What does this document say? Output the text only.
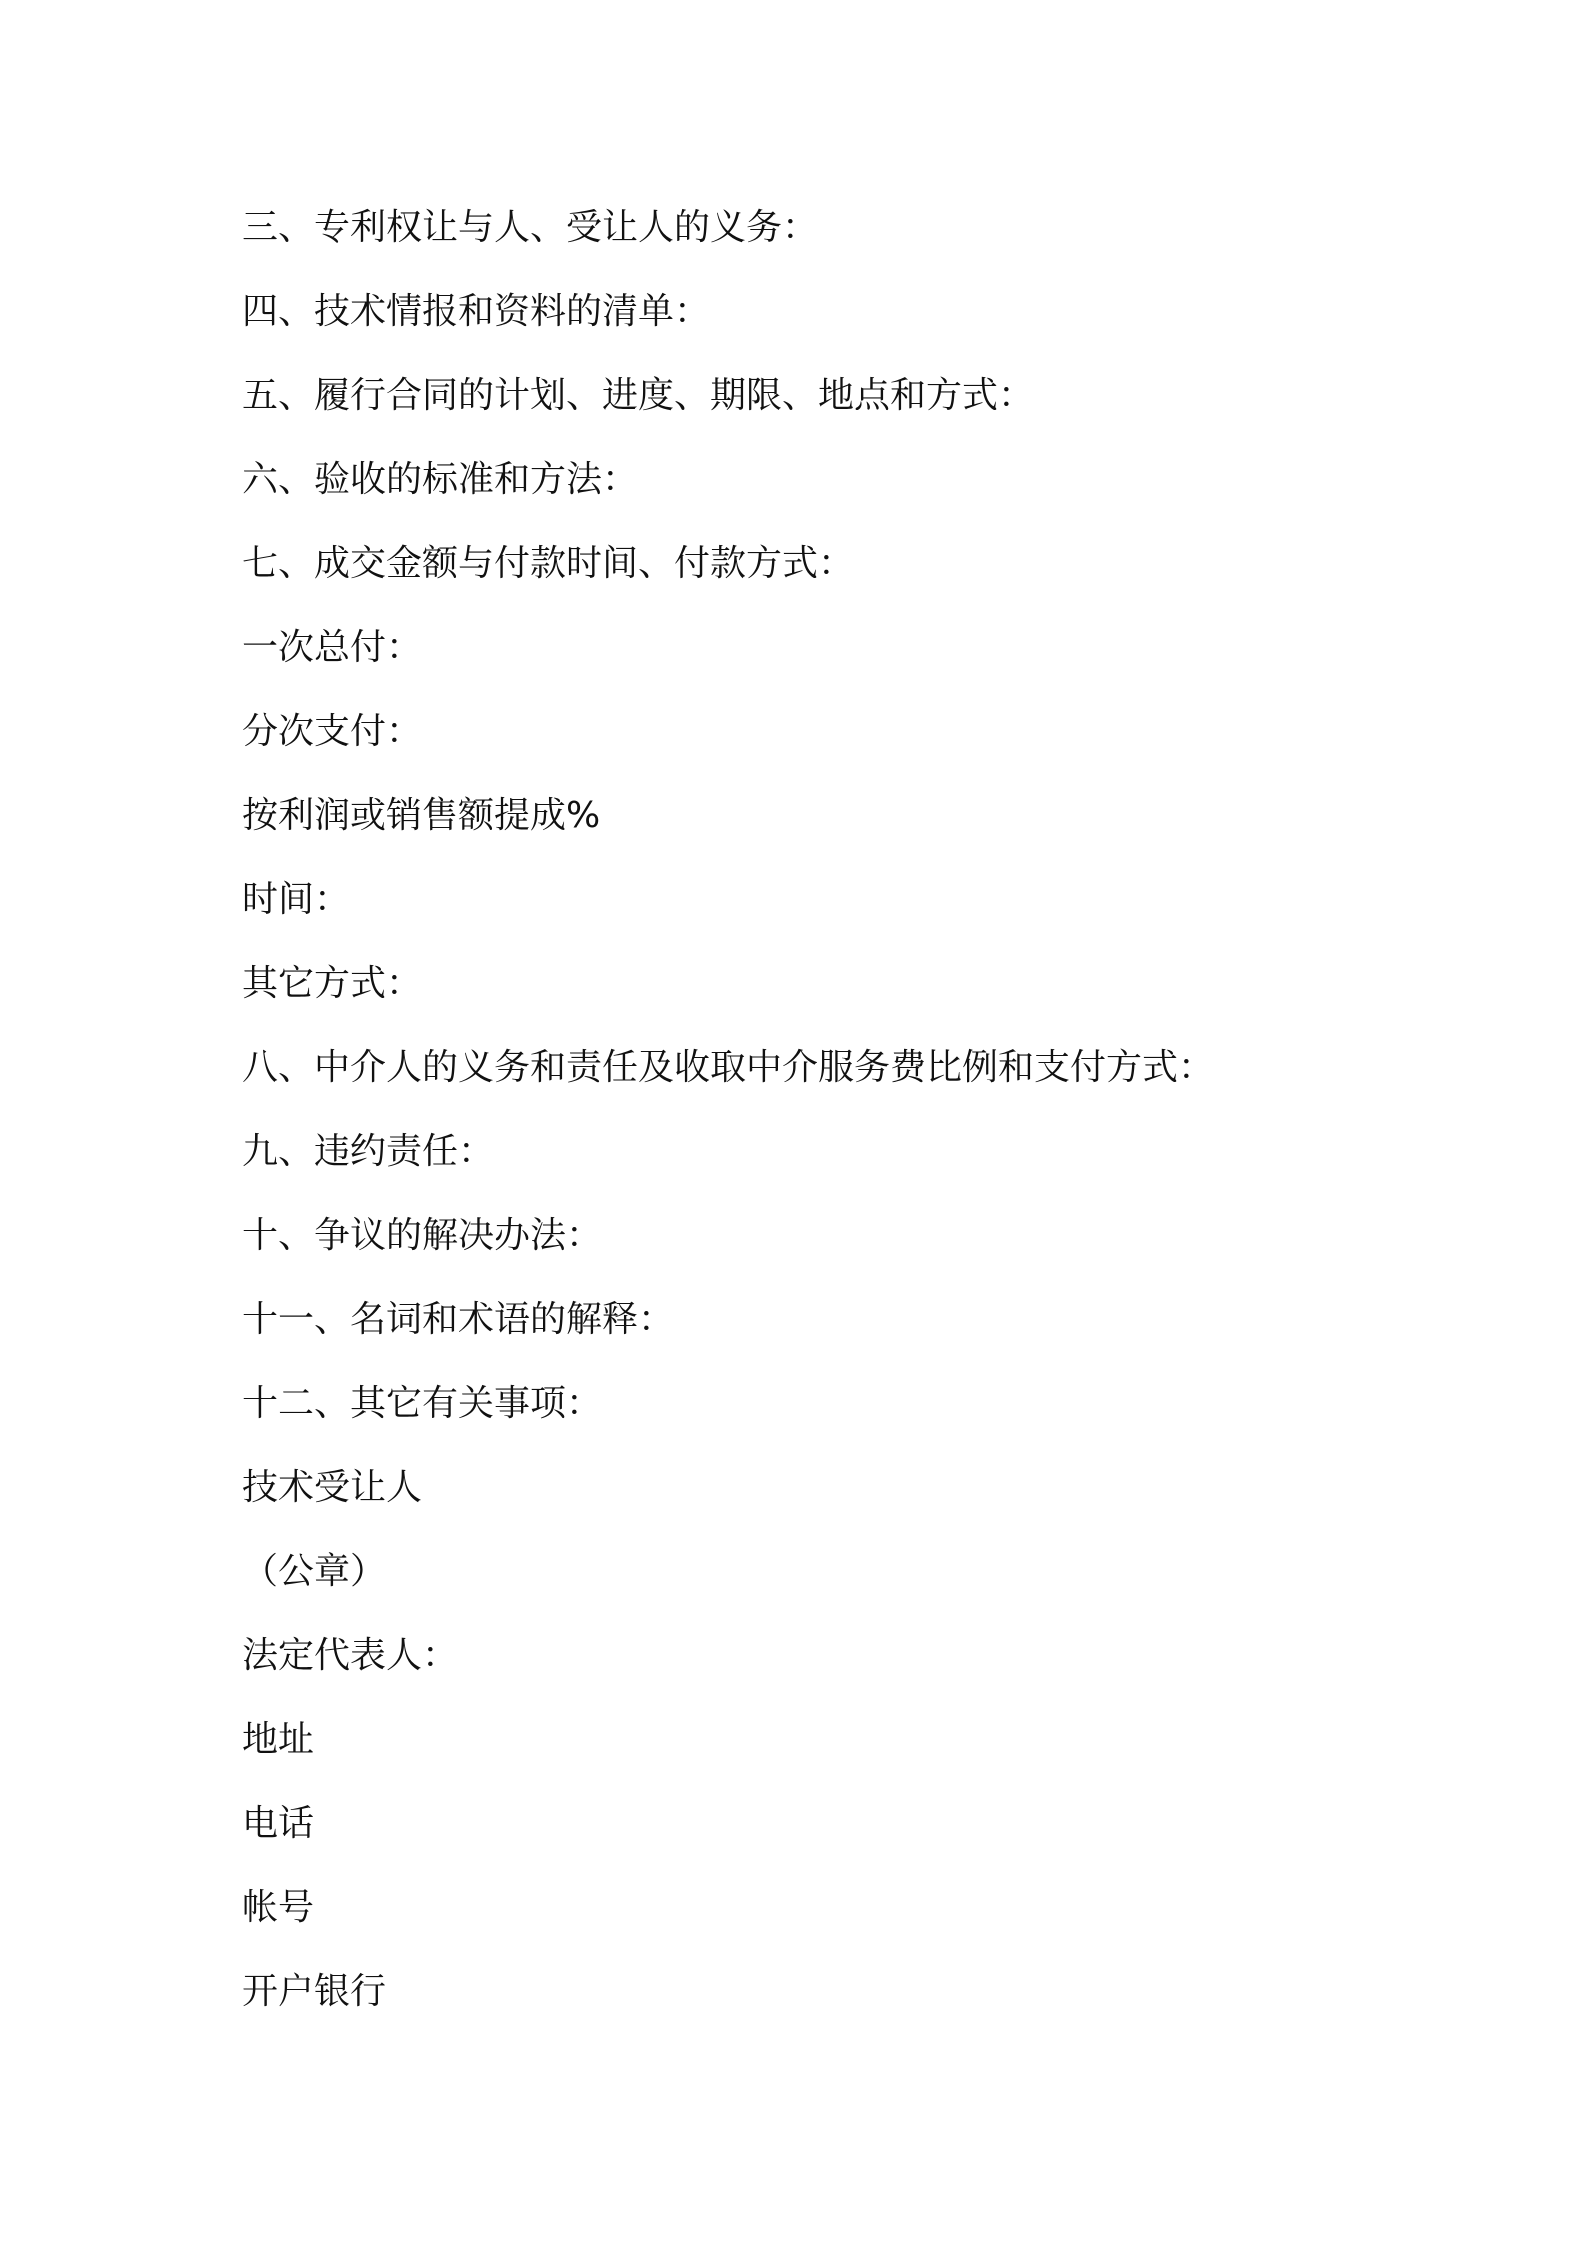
三、专利权让与人、受让人的义务：
四、技术情报和资料的清单：
五、履行合同的计划、进度、期限、地点和方式：
六、验收的标准和方法：
七、成交金额与付款时间、付款方式：
一次总付：
分次支付：
按利润或销售额提成%
时间：
其它方式：
八、中介人的义务和责任及收取中介服务费比例和支付方式：
九、违约责任：
十、争议的解决办法：
十一、名词和术语的解释：
十二、其它有关事项：
技术受让人
（公章）
法定代表人：
地址
电话
帐号
开户银行
